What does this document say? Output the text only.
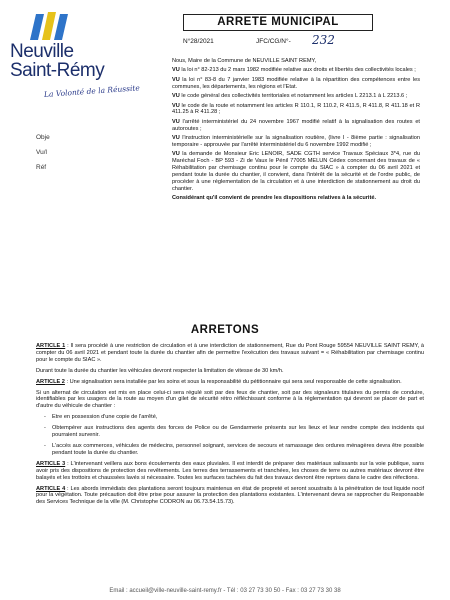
Neuville
Saint-Rémy
La Volonté de la Réussite
Obje
Vu/l
Réf
ARRETE MUNICIPAL
N°28/2021	JFC/CG/N°- 232

Nous, Maire de la Commune de NEUVILLE SAINT REMY,

VU la loi n° 82-213 du 2 mars 1982 modifiée relative aux droits et libertés des collectivités locales ;

VU la loi n° 83-8 du 7 janvier 1983 modifiée relative à la répartition des compétences entre les communes, les départements, les régions et l'Etat.

VU le code général des collectivités territoriales et notamment les articles L 2213.1 à L 2213.6 ;

VU le code de la route et notamment les articles R 110.1, R 110.2, R 411.5, R 411.8, R 411.18 et R 411.25 à R 411.28 ;

VU l'arrêté interministériel du 24 novembre 1967 modifié relatif à la signalisation des routes et autoroutes ;

VU l'instruction interministérielle sur la signalisation routière, (livre I - 8ième partie : signalisation temporaire - approuvée par l'arrêté interministériel du 6 novembre 1992 modifié ;

VU la demande de Monsieur Eric LENOIR, SADE CGTH service Travaux Spéciaux 3*4, rue du Maréchal Foch - BP 593 - Zi de Vaux le Pénil 77005 MELUN Cédex concernant des travaux de « Réhabilitation par chemisage continu pour le compte du SIAC » à compter du 06 avril 2021 et pendant toute la durée du chantier, il convient, dans l'intérêt de la sécurité et de l'ordre public, de procéder à une réglementation de la circulation et à une interdiction de stationnement au droit du chantier.

Considérant qu'il convient de prendre les dispositions relatives à la sécurité.

ARRETONS

ARTICLE 1 : Il sera procédé à une restriction de circulation et à une interdiction de stationnement, Rue du Pont Rouge 59554 NEUVILLE SAINT REMY, à compter du 06 avril 2021 et pendant toute la durée du chantier afin de permettre l'exécution des travaux suivant = « Réhabilitation par chemisage continu pour le compte du SIAC ».

Durant toute la durée du chantier les véhicules devront respecter la limitation de vitesse de 30 km/h.

ARTICLE 2 : Une signalisation sera installée par les soins et sous la responsabilité du pétitionnaire qui sera seul responsable de cette signalisation.

Si un alternat de circulation est mis en place celui-ci sera régulé soit par des feux de chantier, soit par des signaleurs titulaires du permis de conduire, identifiables par les usagers de la route au moyen d'un gilet de sécurité rétro réfléchissant conforme à la réglementation qui devront se placer de part et d'autre du véhicule de chantier :

- Etre en possession d'une copie de l'arrêté,
- Obtempérer aux instructions des agents des forces de Police ou de Gendarmerie présents sur les lieux et leur rendre compte des incidents qui pourraient survenir.
- L'accès aux commerces, véhicules de médecins, personnel soignant, services de secours et ramassage des ordures ménagères devra être possible pendant toute la durée du chantier.

ARTICLE 3 : L'intervenant veillera aux bons écoulements des eaux pluviales. Il est interdit de préparer des matériaux salissants sur la voie publique, sans avoir pris des dispositions de protection des revêtements. Les terres des terrassements et tranchées, les choses de terre ou autres matériaux devront être balayés et les trottoirs et chaussées lavés si nécessaire. Toutes les surfaces tachées du fait des travaux devront être reprises dans le cadre des réfections.

ARTICLE 4 : Les abords immédiats des plantations seront toujours maintenus en état de propreté et seront soustraits à la pénétration de tout liquide nocif pour la végétation. Toute précaution doit être prise pour assurer la protection des plantations existantes. L'intervenant devra se rapprocher du Responsable des Services Technique de la ville (M. Christophe CODRON au 06.73.54.15.73).

Email : accueil@ville-neuville-saint-remy.fr - Tél : 03 27 73 30 50 - Fax : 03 27 73 30 38
